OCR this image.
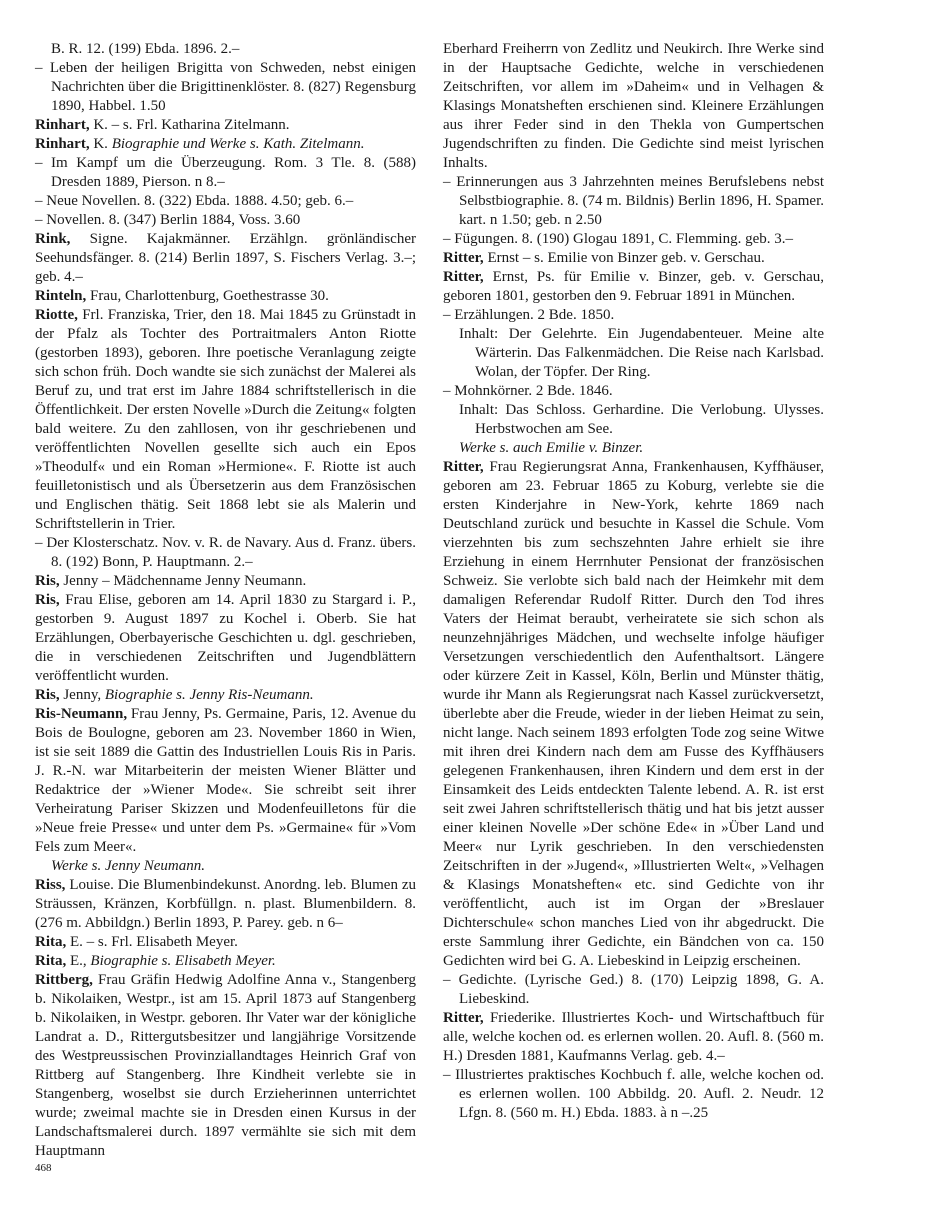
B. R. 12. (199) Ebda. 1896. 2.–

– Leben der heiligen Brigitta von Schweden, nebst einigen Nachrichten über die Brigittinenklöster. 8. (827) Regensburg 1890, Habbel. 1.50

Rinhart, K. – s. Frl. Katharina Zitelmann.

Rinhart, K. Biographie und Werke s. Kath. Zitelmann.

– Im Kampf um die Überzeugung. Rom. 3 Tle. 8. (588) Dresden 1889, Pierson. n 8.–

– Neue Novellen. 8. (322) Ebda. 1888. 4.50; geb. 6.–

– Novellen. 8. (347) Berlin 1884, Voss. 3.60

Rink, Signe. Kajakmänner. Erzählgn. grönländischer Seehundsfänger. 8. (214) Berlin 1897, S. Fischers Verlag. 3.–; geb. 4.–

Rinteln, Frau, Charlottenburg, Goethestrasse 30.

Riotte, Frl. Franziska, Trier, den 18. Mai 1845 zu Grünstadt in der Pfalz als Tochter des Portraitmalers Anton Riotte (gestorben 1893), geboren. Ihre poetische Veranlagung zeigte sich schon früh. Doch wandte sie sich zunächst der Malerei als Beruf zu, und trat erst im Jahre 1884 schriftstellerisch in die Öffentlichkeit. Der ersten Novelle »Durch die Zeitung« folgten bald weitere. Zu den zahllosen, von ihr geschriebenen und veröffentlichten Novellen gesellte sich auch ein Epos »Theodulf« und ein Roman »Hermione«. F. Riotte ist auch feuilletonistisch und als Übersetzerin aus dem Französischen und Englischen thätig. Seit 1868 lebt sie als Malerin und Schriftstellerin in Trier.

– Der Klosterschatz. Nov. v. R. de Navary. Aus d. Franz. übers. 8. (192) Bonn, P. Hauptmann. 2.–

Ris, Jenny – Mädchenname Jenny Neumann.

Ris, Frau Elise, geboren am 14. April 1830 zu Stargard i. P., gestorben 9. August 1897 zu Kochel i. Oberb. Sie hat Erzählungen, Oberbayerische Geschichten u. dgl. geschrieben, die in verschiedenen Zeitschriften und Jugendblättern veröffentlicht wurden.

Ris, Jenny, Biographie s. Jenny Ris-Neumann.

Ris-Neumann, Frau Jenny, Ps. Germaine, Paris, 12. Avenue du Bois de Boulogne, geboren am 23. November 1860 in Wien, ist sie seit 1889 die Gattin des Industriellen Louis Ris in Paris. J. R.-N. war Mitarbeiterin der meisten Wiener Blätter und Redaktrice der »Wiener Mode«. Sie schreibt seit ihrer Verheiratung Pariser Skizzen und Modenfeuilletons für die »Neue freie Presse« und unter dem Ps. »Germaine« für »Vom Fels zum Meer«.

Werke s. Jenny Neumann.

Riss, Louise. Die Blumenbindekunst. Anordng. leb. Blumen zu Sträussen, Kränzen, Korbfüllgn. n. plast. Blumenbildern. 8. (276 m. Abbildgn.) Berlin 1893, P. Parey. geb. n 6–

Rita, E. – s. Frl. Elisabeth Meyer.

Rita, E., Biographie s. Elisabeth Meyer.

Rittberg, Frau Gräfin Hedwig Adolfine Anna v., Stangenberg b. Nikolaiken, Westpr., ist am 15. April 1873 auf Stangenberg b. Nikolaiken, in Westpr. geboren. Ihr Vater war der königliche Landrat a. D., Rittergutsbesitzer und langjährige Vorsitzende des Westpreussischen Provinziallandtages Heinrich Graf von Rittberg auf Stangenberg. Ihre Kindheit verlebte sie in Stangenberg, woselbst sie durch Erzieherinnen unterrichtet wurde; zweimal machte sie in Dresden einen Kursus in der Landschaftsmalerei durch. 1897 vermählte sie sich mit dem Hauptmann

Eberhard Freiherrn von Zedlitz und Neukirch. Ihre Werke sind in der Hauptsache Gedichte, welche in verschiedenen Zeitschriften, vor allem im »Daheim« und in Velhagen & Klasings Monatsheften erschienen sind. Kleinere Erzählungen aus ihrer Feder sind in den Thekla von Gumpertschen Jugendschriften zu finden. Die Gedichte sind meist lyrischen Inhalts.

– Erinnerungen aus 3 Jahrzehnten meines Berufslebens nebst Selbstbiographie. 8. (74 m. Bildnis) Berlin 1896, H. Spamer. kart. n 1.50; geb. n 2.50

– Fügungen. 8. (190) Glogau 1891, C. Flemming. geb. 3.–

Ritter, Ernst – s. Emilie von Binzer geb. v. Gerschau.

Ritter, Ernst, Ps. für Emilie v. Binzer, geb. v. Gerschau, geboren 1801, gestorben den 9. Februar 1891 in München.

– Erzählungen. 2 Bde. 1850.

Inhalt: Der Gelehrte. Ein Jugendabenteuer. Meine alte Wärterin. Das Falkenmädchen. Die Reise nach Karlsbad. Wolan, der Töpfer. Der Ring.

– Mohnkörner. 2 Bde. 1846.

Inhalt: Das Schloss. Gerhardine. Die Verlobung. Ulysses. Herbstwochen am See.

Werke s. auch Emilie v. Binzer.

Ritter, Frau Regierungsrat Anna, Frankenhausen, Kyffhäuser, geboren am 23. Februar 1865 zu Koburg, verlebte sie die ersten Kinderjahre in New-York, kehrte 1869 nach Deutschland zurück und besuchte in Kassel die Schule. Vom vierzehnten bis zum sechszehnten Jahre erhielt sie ihre Erziehung in einem Herrnhuter Pensionat der französischen Schweiz. Sie verlobte sich bald nach der Heimkehr mit dem damaligen Referendar Rudolf Ritter. Durch den Tod ihres Vaters der Heimat beraubt, verheiratete sie sich schon als neunzehnjähriges Mädchen, und wechselte infolge häufiger Versetzungen verschiedentlich den Aufenthaltsort. Längere oder kürzere Zeit in Kassel, Köln, Berlin und Münster thätig, wurde ihr Mann als Regierungsrat nach Kassel zurückversetzt, überlebte aber die Freude, wieder in der lieben Heimat zu sein, nicht lange. Nach seinem 1893 erfolgten Tode zog seine Witwe mit ihren drei Kindern nach dem am Fusse des Kyffhäusers gelegenen Frankenhausen, ihren Kindern und dem erst in der Einsamkeit des Leids entdeckten Talente lebend. A. R. ist erst seit zwei Jahren schriftstellerisch thätig und hat bis jetzt ausser einer kleinen Novelle »Der schöne Ede« in »Über Land und Meer« nur Lyrik geschrieben. In den verschiedensten Zeitschriften in der »Jugend«, »Illustrierten Welt«, »Velhagen & Klasings Monatsheften« etc. sind Gedichte von ihr veröffentlicht, auch ist im Organ der »Breslauer Dichterschule« schon manches Lied von ihr abgedruckt. Die erste Sammlung ihrer Gedichte, ein Bändchen von ca. 150 Gedichten wird bei G. A. Liebeskind in Leipzig erscheinen.

– Gedichte. (Lyrische Ged.) 8. (170) Leipzig 1898, G. A. Liebeskind.

Ritter, Friederike. Illustriertes Koch- und Wirtschaftbuch für alle, welche kochen od. es erlernen wollen. 20. Aufl. 8. (560 m. H.) Dresden 1881, Kaufmanns Verlag. geb. 4.–

– Illustriertes praktisches Kochbuch f. alle, welche kochen od. es erlernen wollen. 100 Abbildg. 20. Aufl. 2. Neudr. 12 Lfgn. 8. (560 m. H.) Ebda. 1883. à n –.25

468
